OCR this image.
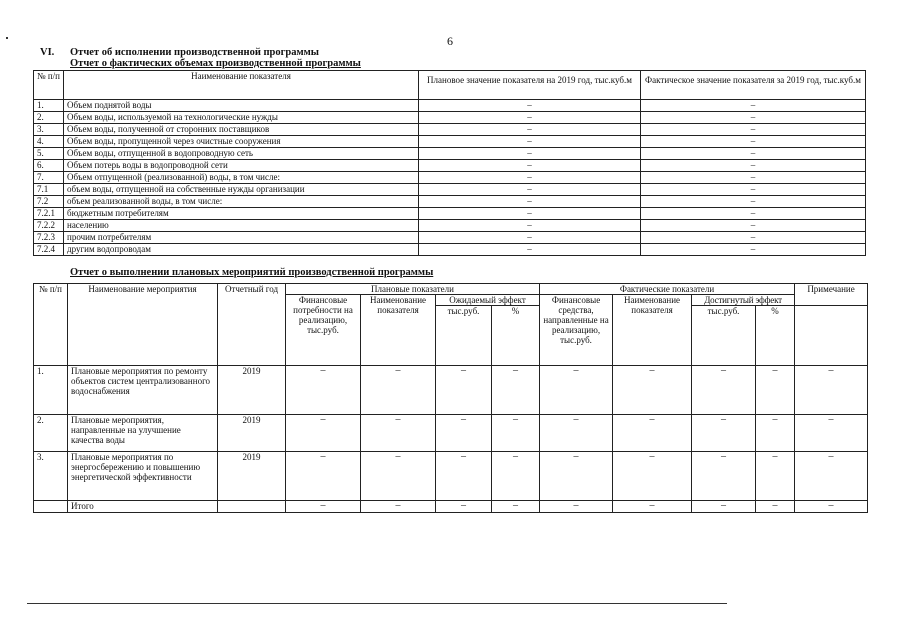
6
VI. Отчет об исполнении производственной программы
Отчет о фактических объемах производственной программы
№ п/п	Наименование показателя	Плановое значение показателя на 2019 год, тыс.куб.м	Фактическое значение показателя за 2019 год, тыс.куб.м
1.	Объем поднятой воды	–	–
2.	Объем воды, используемой на технологические нужды	–	–
3.	Объем воды, полученной от сторонних поставщиков	–	–
4.	Объем воды, пропущенной через очистные сооружения	–	–
5.	Объем воды, отпущенной в водопроводную сеть	–	–
6.	Объем потерь воды в водопроводной сети	–	–
7.	Объем отпущенной (реализованной) воды, в том числе:	–	–
7.1	объем воды, отпущенной на собственные нужды организации	–	–
7.2	объем реализованной воды, в том числе:	–	–
7.2.1	бюджетным потребителям	–	–
7.2.2	населению	–	–
7.2.3	прочим потребителям	–	–
7.2.4	другим водопроводам	–	–
Отчет о выполнении плановых мероприятий производственной программы
№ п/п	Наименование мероприятия	Отчетный год	Плановые показатели				Фактические показатели				Примечание
			Финансовые потребности на реализацию, тыс.руб.	Наименование показателя	Ожидаемый эффект		Финансовые средства, направленные на реализацию, тыс.руб.	Наименование показателя	Достигнутый эффект		
					тыс.руб.	%			тыс.руб.	%	
1.	Плановые мероприятия по ремонту объектов систем централизованного водоснабжения	2019	–	–	–	–	–	–	–	–	–
2.	Плановые мероприятия, направленные на улучшение качества воды	2019	–	–	–	–	–	–	–	–	–
3.	Плановые мероприятия по энергосбережению и повышению энергетической эффективности	2019	–	–	–	–	–	–	–	–	–
	Итого		–	–	–	–	–	–	–	–	–
